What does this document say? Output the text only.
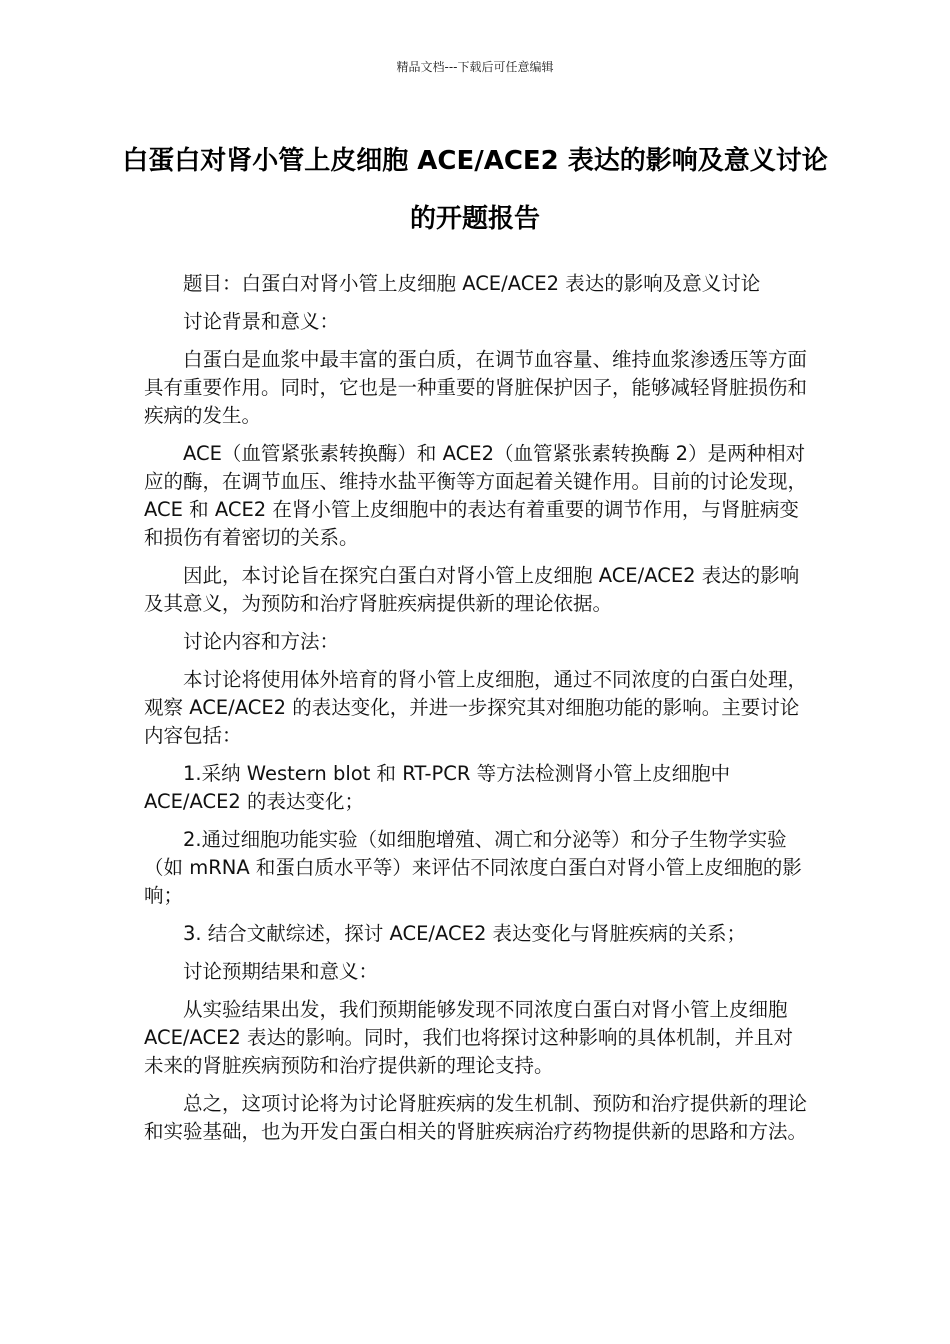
精品文档---下载后可任意编辑
白蛋白对肾小管上皮细胞 ACE/ACE2 表达的影响及意义讨论的开题报告

题目：白蛋白对肾小管上皮细胞 ACE/ACE2 表达的影响及意义讨论

讨论背景和意义：

白蛋白是血浆中最丰富的蛋白质，在调节血容量、维持血浆渗透压等方面具有重要作用。同时，它也是一种重要的肾脏保护因子，能够减轻肾脏损伤和疾病的发生。

ACE（血管紧张素转换酶）和 ACE2（血管紧张素转换酶 2）是两种相对应的酶，在调节血压、维持水盐平衡等方面起着关键作用。目前的讨论发现，ACE 和 ACE2 在肾小管上皮细胞中的表达有着重要的调节作用，与肾脏病变和损伤有着密切的关系。

因此，本讨论旨在探究白蛋白对肾小管上皮细胞 ACE/ACE2 表达的影响及其意义，为预防和治疗肾脏疾病提供新的理论依据。

讨论内容和方法：

本讨论将使用体外培育的肾小管上皮细胞，通过不同浓度的白蛋白处理，观察 ACE/ACE2 的表达变化，并进一步探究其对细胞功能的影响。主要讨论内容包括：

1.采纳 Western blot 和 RT-PCR 等方法检测肾小管上皮细胞中 ACE/ACE2 的表达变化；

2.通过细胞功能实验（如细胞增殖、凋亡和分泌等）和分子生物学实验（如 mRNA 和蛋白质水平等）来评估不同浓度白蛋白对肾小管上皮细胞的影响；

3. 结合文献综述，探讨 ACE/ACE2 表达变化与肾脏疾病的关系；

讨论预期结果和意义：

从实验结果出发，我们预期能够发现不同浓度白蛋白对肾小管上皮细胞 ACE/ACE2 表达的影响。同时，我们也将探讨这种影响的具体机制，并且对未来的肾脏疾病预防和治疗提供新的理论支持。

总之，这项讨论将为讨论肾脏疾病的发生机制、预防和治疗提供新的理论和实验基础，也为开发白蛋白相关的肾脏疾病治疗药物提供新的思路和方法。
